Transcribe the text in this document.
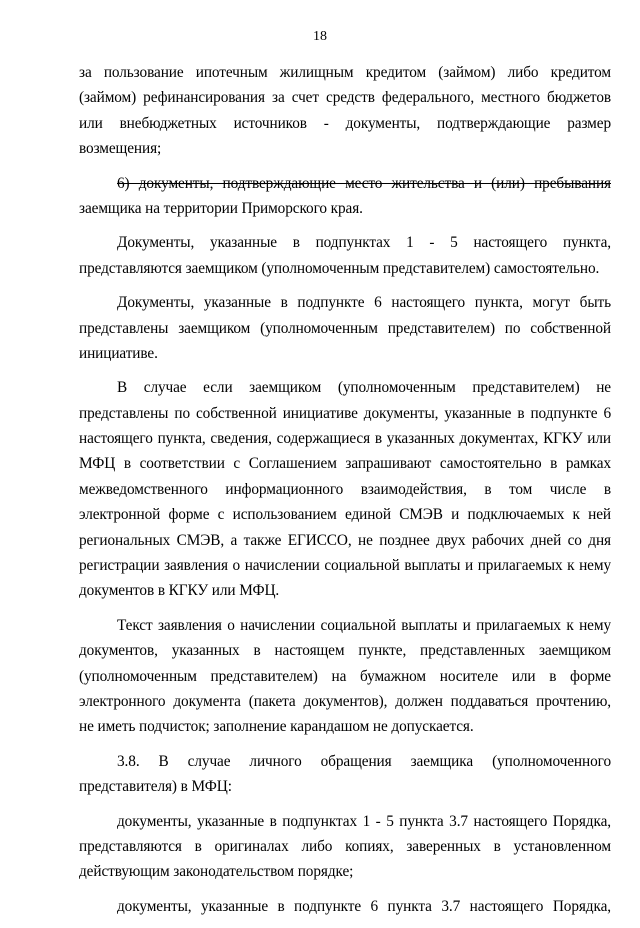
18
за пользование ипотечным жилищным кредитом (займом) либо кредитом
(займом) рефинансирования за счет средств федерального, местного бюджетов
или внебюджетных источников - документы, подтверждающие размер
возмещения;
6) документы, подтверждающие место жительства и (или) пребывания
заемщика на территории Приморского края.
Документы, указанные в подпунктах 1 - 5 настоящего пункта,
представляются заемщиком (уполномоченным представителем) самостоятельно.
Документы, указанные в подпункте 6 настоящего пункта, могут быть
представлены заемщиком (уполномоченным представителем) по собственной
инициативе.
В случае если заемщиком (уполномоченным представителем) не
представлены по собственной инициативе документы, указанные в подпункте 6
настоящего пункта, сведения, содержащиеся в указанных документах, КГКУ или
МФЦ в соответствии с Соглашением запрашивают самостоятельно в рамках
межведомственного информационного взаимодействия, в том числе в
электронной форме с использованием единой СМЭВ и подключаемых к ней
региональных СМЭВ, а также ЕГИССО, не позднее двух рабочих дней со дня
регистрации заявления о начислении социальной выплаты и прилагаемых к нему
документов в КГКУ или МФЦ.
Текст заявления о начислении социальной выплаты и прилагаемых к нему
документов, указанных в настоящем пункте, представленных заемщиком
(уполномоченным представителем) на бумажном носителе или в форме
электронного документа (пакета документов), должен поддаваться прочтению,
не иметь подчисток; заполнение карандашом не допускается.
3.8. В случае личного обращения заемщика (уполномоченного
представителя) в МФЦ:
документы, указанные в подпунктах 1 - 5 пункта 3.7 настоящего Порядка,
представляются в оригиналах либо копиях, заверенных в установленном
действующим законодательством порядке;
документы, указанные в подпункте 6 пункта 3.7 настоящего Порядка,
